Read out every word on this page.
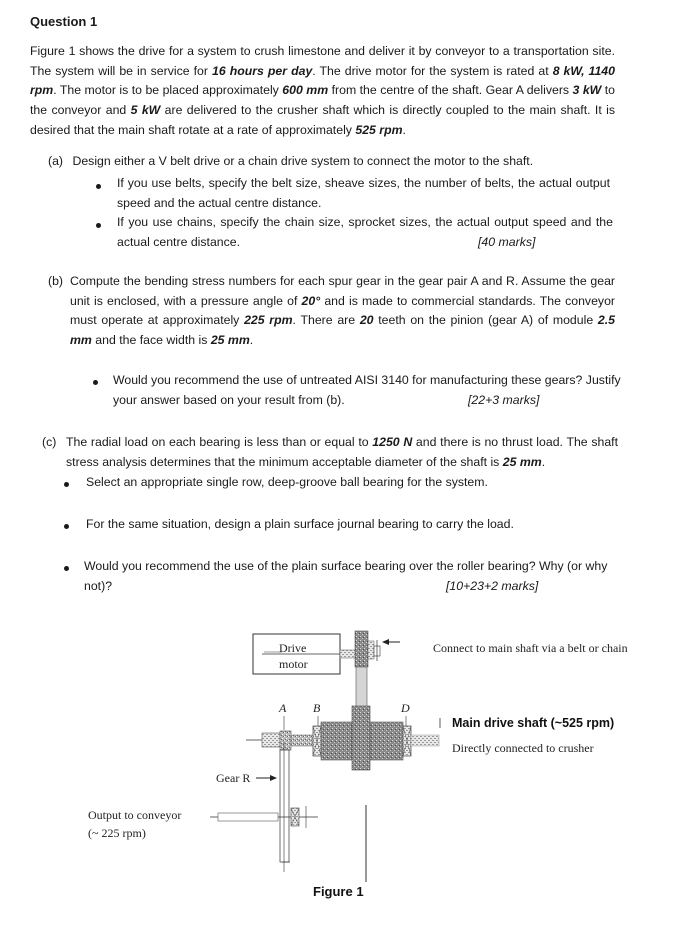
Question 1
Figure 1 shows the drive for a system to crush limestone and deliver it by conveyor to a transportation site. The system will be in service for 16 hours per day. The drive motor for the system is rated at 8 kW, 1140 rpm. The motor is to be placed approximately 600 mm from the centre of the shaft. Gear A delivers 3 kW to the conveyor and 5 kW are delivered to the crusher shaft which is directly coupled to the main shaft. It is desired that the main shaft rotate at a rate of approximately 525 rpm.
(a) Design either a V belt drive or a chain drive system to connect the motor to the shaft.
If you use belts, specify the belt size, sheave sizes, the number of belts, the actual output speed and the actual centre distance.
If you use chains, specify the chain size, sprocket sizes, the actual output speed and the actual centre distance.	[40 marks]
(b) Compute the bending stress numbers for each spur gear in the gear pair A and R. Assume the gear unit is enclosed, with a pressure angle of 20° and is made to commercial standards. The conveyor must operate at approximately 225 rpm. There are 20 teeth on the pinion (gear A) of module 2.5 mm and the face width is 25 mm.
Would you recommend the use of untreated AISI 3140 for manufacturing these gears? Justify your answer based on your result from (b).	[22+3 marks]
(c) The radial load on each bearing is less than or equal to 1250 N and there is no thrust load. The shaft stress analysis determines that the minimum acceptable diameter of the shaft is 25 mm.
Select an appropriate single row, deep-groove ball bearing for the system.
For the same situation, design a plain surface journal bearing to carry the load.
Would you recommend the use of the plain surface bearing over the roller bearing? Why (or why not)?	[10+23+2 marks]
Drive
motor
Connect to main shaft via a belt or chain
A B	D
Main drive shaft (~525 rpm)
Directly connected to crusher
Gear R
Output to conveyor
(~ 225 rpm)
Figure 1
